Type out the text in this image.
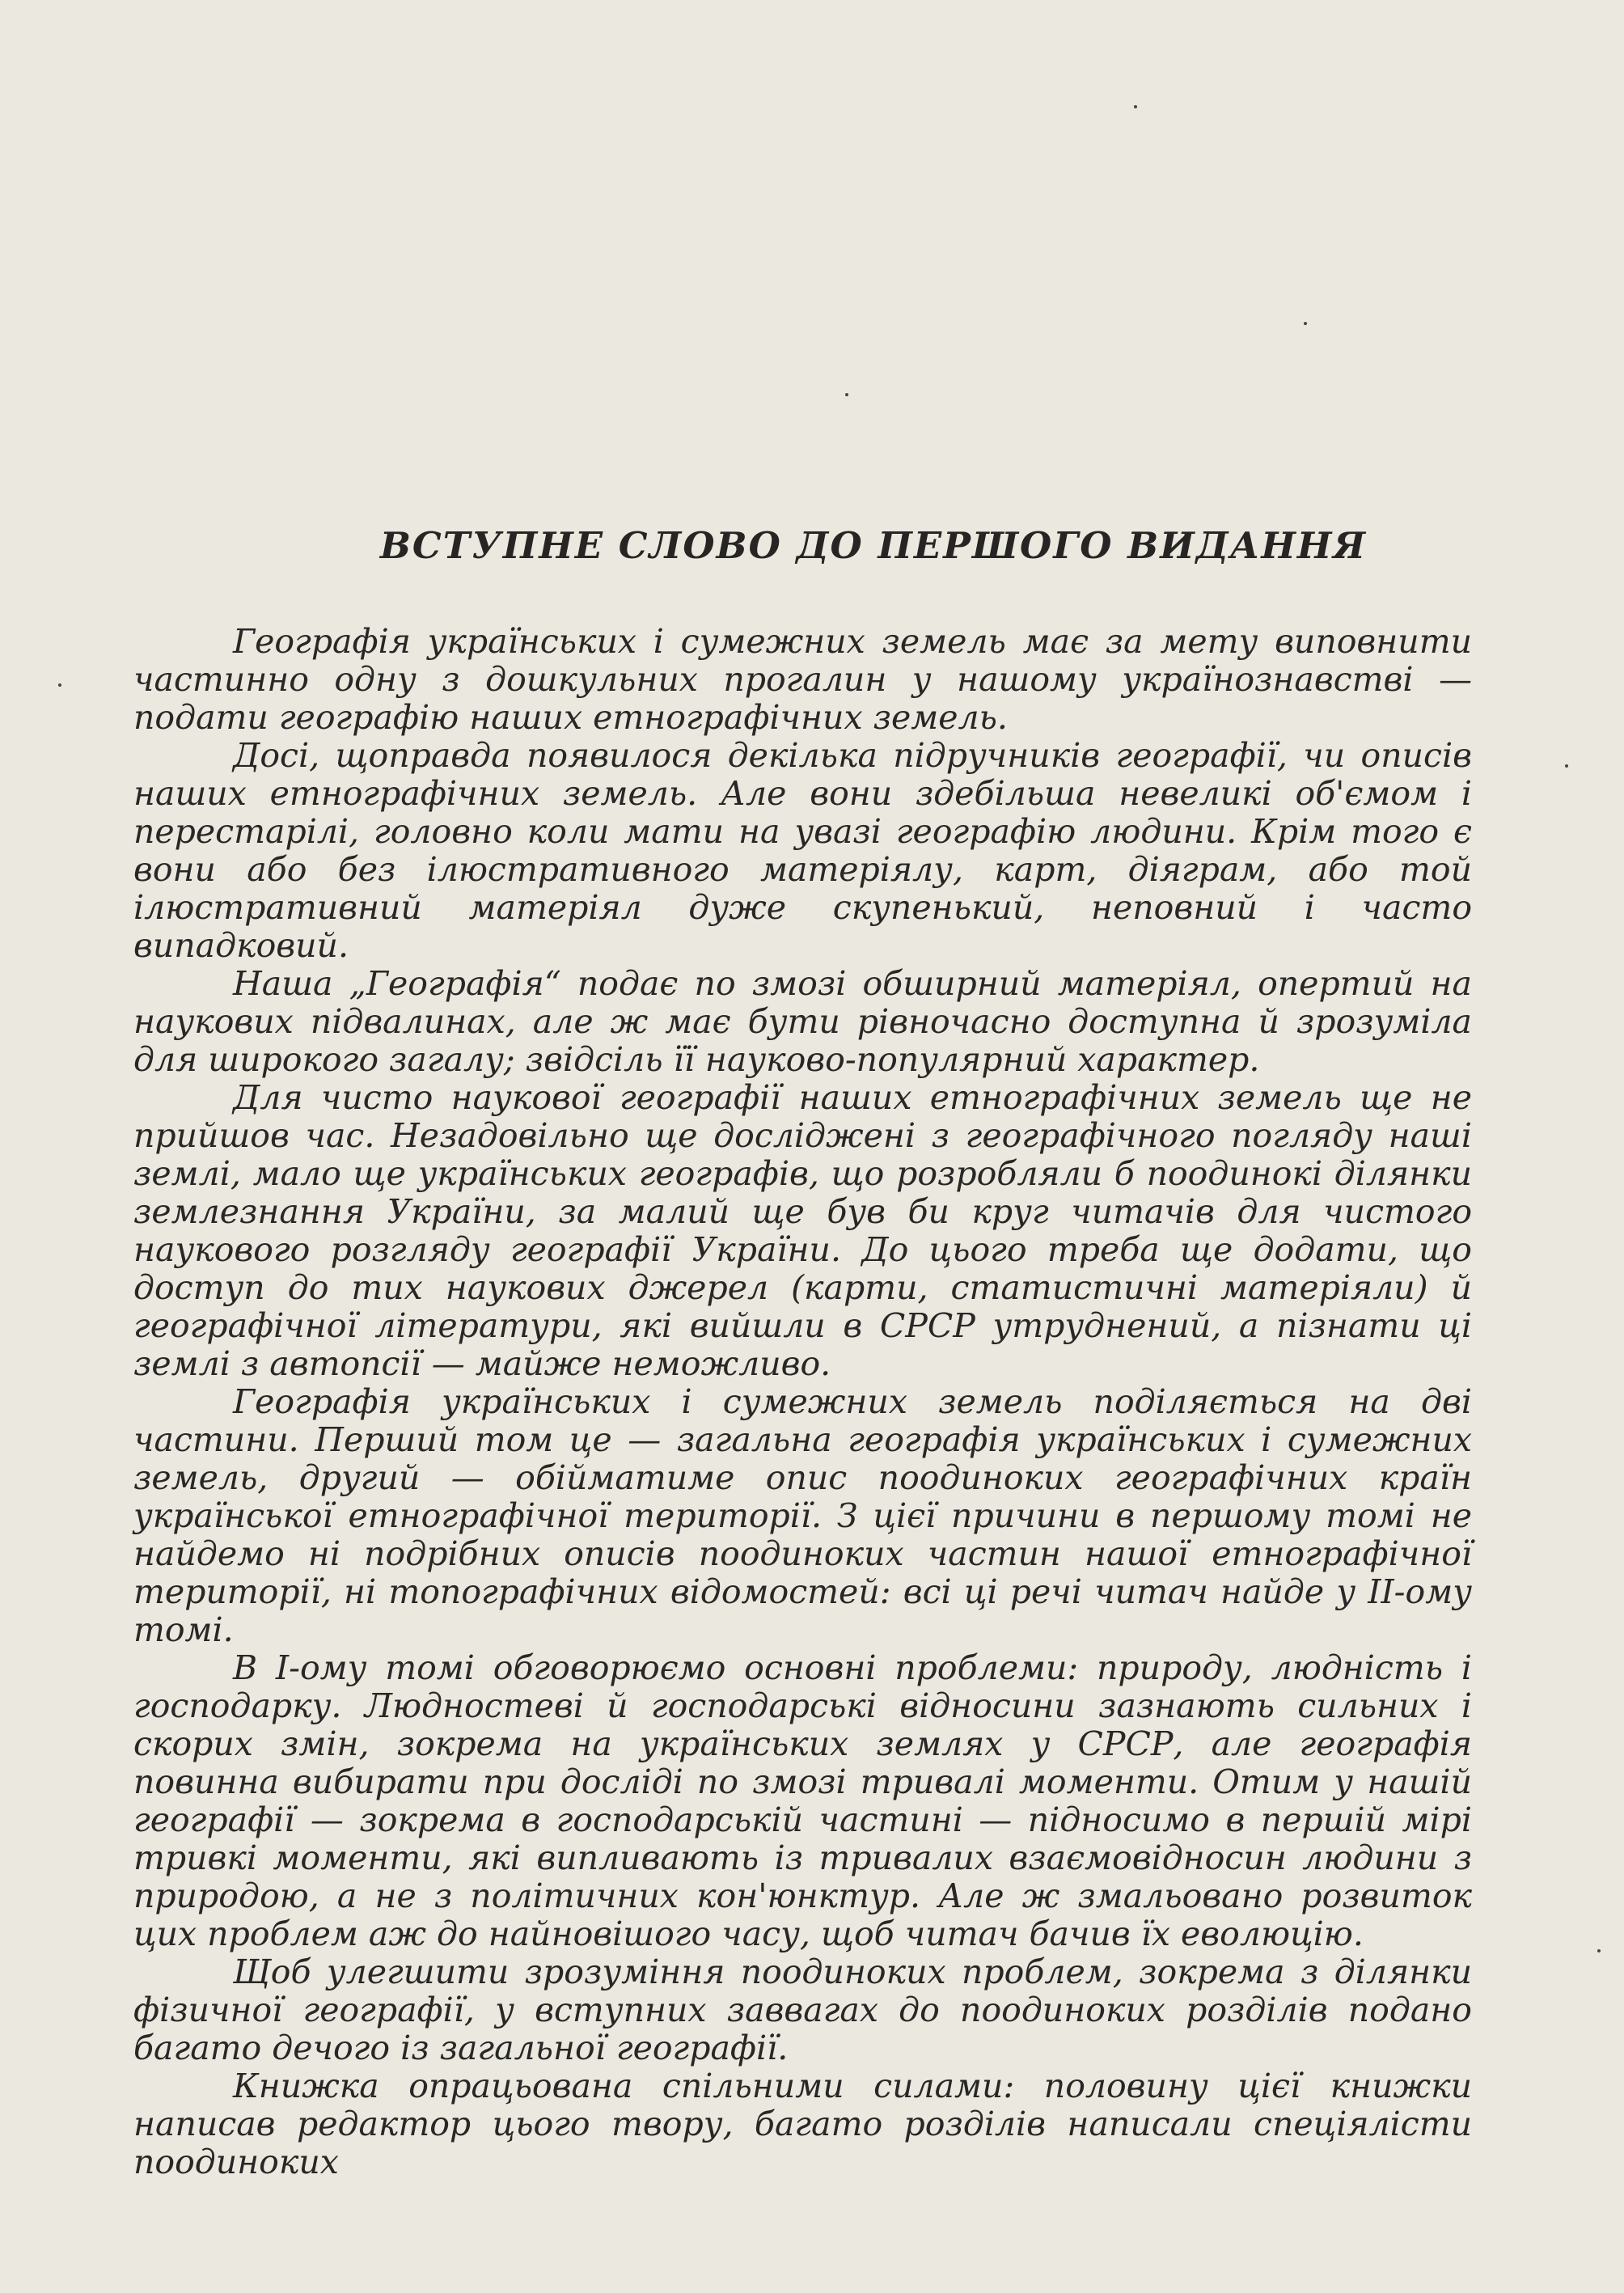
ВСТУПНЕ СЛОВО ДО ПЕРШОГО ВИДАННЯ

Географія українських і сумежних земель має за мету виповнити частинно одну з дошкульних прогалин у нашому українознавстві — подати географію наших етнографічних земель.

Досі, щоправда появилося декілька підручників географії, чи описів наших етнографічних земель. Але вони здебільша невеликі об'ємом і перестарілі, головно коли мати на увазі географію людини. Крім того є вони або без ілюстративного матеріялу, карт, діяграм, або той ілюстративний матеріял дуже скупенький, неповний і часто випадковий.

Наша „Географія“ подає по змозі обширний матеріял, опертий на наукових підвалинах, але ж має бути рівночасно доступна й зрозуміла для широкого загалу; звідсіль її науково-популярний характер.

Для чисто наукової географії наших етнографічних земель ще не прийшов час. Незадовільно ще досліджені з географічного погляду наші землі, мало ще українських географів, що розробляли б поодинокі ділянки землезнання України, за малий ще був би круг читачів для чистого наукового розгляду географії України. До цього треба ще додати, що доступ до тих наукових джерел (карти, статистичні матеріяли) й географічної літератури, які вийшли в СРСР утруднений, а пізнати ці землі з автопсії — майже неможливо.

Географія українських і сумежних земель поділяється на дві частини. Перший том це — загальна географія українських і сумежних земель, другий — обійматиме опис поодиноких географічних країн української етнографічної території. З цієї причини в першому томі не найдемо ні подрібних описів поодиноких частин нашої етнографічної території, ні топографічних відомостей: всі ці речі читач найде у II-ому томі.

В I-ому томі обговорюємо основні проблеми: природу, людність і господарку. Людностеві й господарські відносини зазнають сильних і скорих змін, зокрема на українських землях у СРСР, але географія повинна вибирати при досліді по змозі тривалі моменти. Отим у нашій географії — зокрема в господарській частині — підносимо в першій мірі тривкі моменти, які випливають із тривалих взаємовідносин людини з природою, а не з політичних кон'юнктур. Але ж змальовано розвиток цих проблем аж до найновішого часу, щоб читач бачив їх еволюцію.

Щоб улегшити зрозуміння поодиноких проблем, зокрема з ділянки фізичної географії, у вступних заввагах до поодиноких розділів подано багато дечого із загальної географії.

Книжка опрацьована спільними силами: половину цієї книжки написав редактор цього твору, багато розділів написали спеціялісти поодиноких
